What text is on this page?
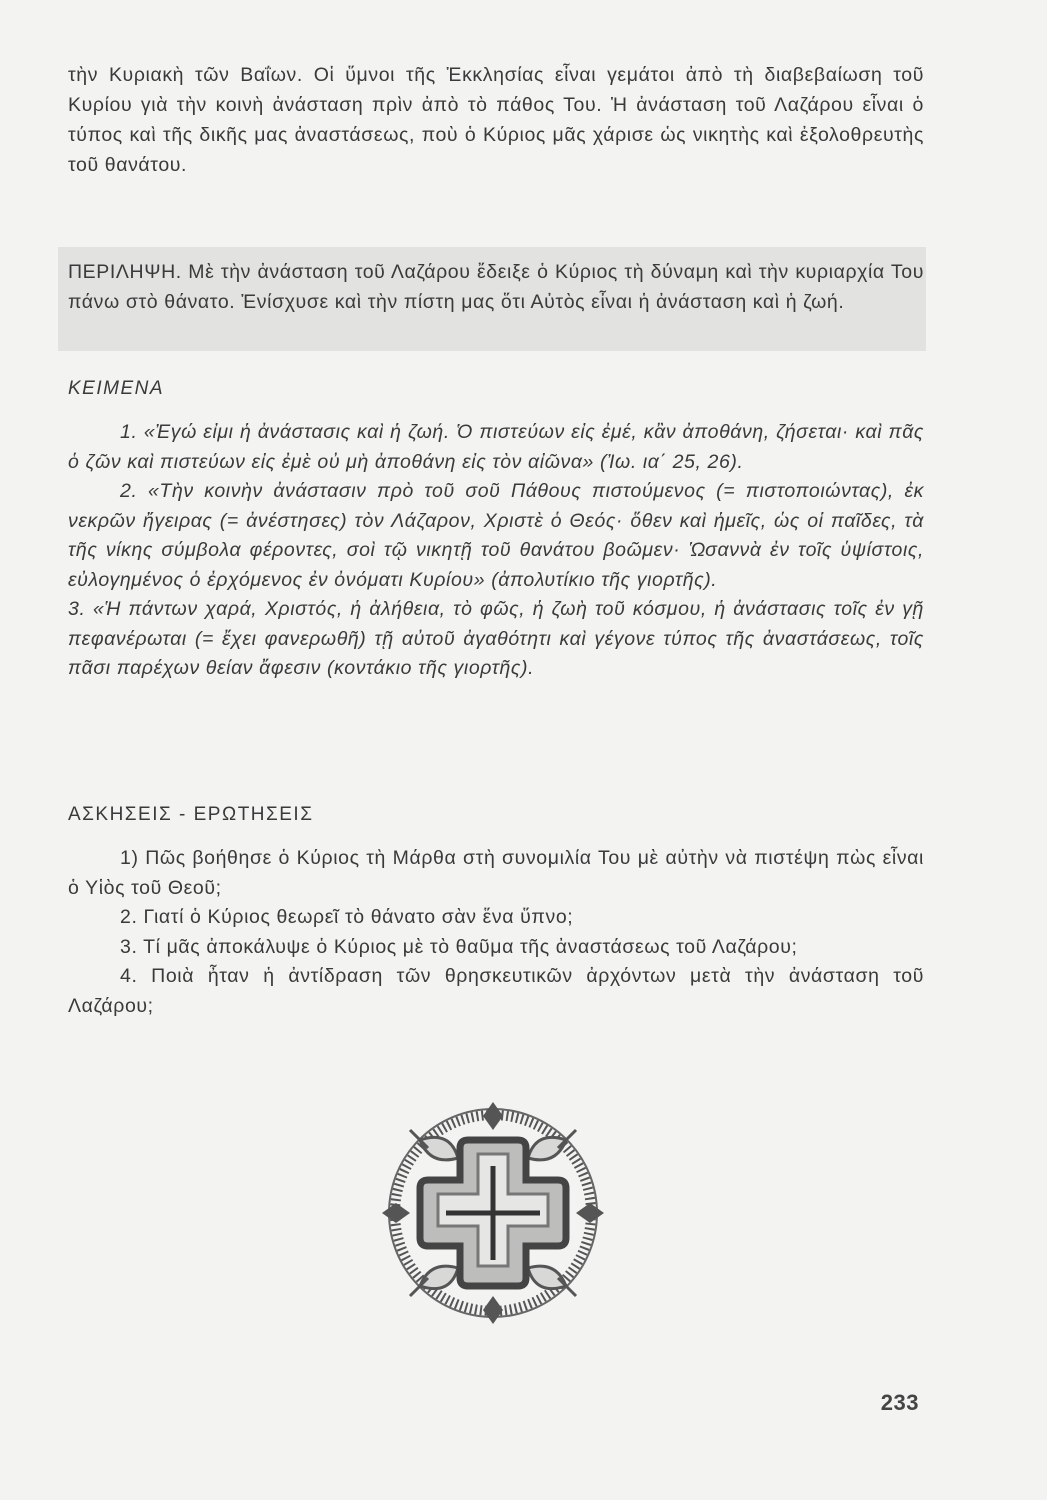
τὴν Κυριακὴ τῶν Βαΐων. Οἱ ὕμνοι τῆς Ἐκκλησίας εἶναι γεμάτοι ἀπὸ τὴ διαβεβαίωση τοῦ Κυρίου γιὰ τὴν κοινὴ ἀνάσταση πρὶν ἀπὸ τὸ πάθος Του. Ἡ ἀνάσταση τοῦ Λαζάρου εἶναι ὁ τύπος καὶ τῆς δικῆς μας ἀναστάσεως, ποὺ ὁ Κύριος μᾶς χάρισε ὡς νικητὴς καὶ ἐξολοθρευτὴς τοῦ θανάτου.

ΠΕΡΙΛΗΨΗ. Μὲ τὴν ἀνάσταση τοῦ Λαζάρου ἔδειξε ὁ Κύριος τὴ δύναμη καὶ τὴν κυριαρχία Του πάνω στὸ θάνατο. Ἐνίσχυσε καὶ τὴν πίστη μας ὅτι Αὐτὸς εἶναι ἡ ἀνάσταση καὶ ἡ ζωή.

ΚΕΙΜΕΝΑ

1. «Ἐγώ εἰμι ἡ ἀνάστασις καὶ ἡ ζωή. Ὁ πιστεύων εἰς ἐμέ, κἂν ἀποθάνη, ζήσεται· καὶ πᾶς ὁ ζῶν καὶ πιστεύων εἰς ἐμὲ οὐ μὴ ἀποθάνη εἰς τὸν αἰῶνα» (Ἰω. ια΄ 25, 26).

2. «Τὴν κοινὴν ἀνάστασιν πρὸ τοῦ σοῦ Πάθους πιστούμενος (= πιστοποιώντας), ἐκ νεκρῶν ἤγειρας (= ἀνέστησες) τὸν Λάζαρον, Χριστὲ ὁ Θεός· ὅθεν καὶ ἡμεῖς, ὡς οἱ παῖδες, τὰ τῆς νίκης σύμβολα φέροντες, σοὶ τῷ νικητῇ τοῦ θανάτου βοῶμεν· Ὡσαννὰ ἐν τοῖς ὑψίστοις, εὐλογημένος ὁ ἐρχόμενος ἐν ὀνόματι Κυρίου» (ἀπολυτίκιο τῆς γιορτῆς).

3. «Ἡ πάντων χαρά, Χριστός, ἡ ἀλήθεια, τὸ φῶς, ἡ ζωὴ τοῦ κόσμου, ἡ ἀνάστασις τοῖς ἐν γῇ πεφανέρωται (= ἔχει φανερωθῆ) τῇ αὐτοῦ ἀγαθότητι καὶ γέγονε τύπος τῆς ἀναστάσεως, τοῖς πᾶσι παρέχων θείαν ἄφεσιν (κοντάκιο τῆς γιορτῆς).

ΑΣΚΗΣΕΙΣ - ΕΡΩΤΗΣΕΙΣ

1) Πῶς βοήθησε ὁ Κύριος τὴ Μάρθα στὴ συνομιλία Του μὲ αὐτὴν νὰ πιστέψη πὼς εἶναι ὁ Υἱὸς τοῦ Θεοῦ;

2. Γιατί ὁ Κύριος θεωρεῖ τὸ θάνατο σὰν ἕνα ὕπνο;

3. Τί μᾶς ἀποκάλυψε ὁ Κύριος μὲ τὸ θαῦμα τῆς ἀναστάσεως τοῦ Λαζάρου;

4. Ποιὰ ἦταν ἡ ἀντίδραση τῶν θρησκευτικῶν ἀρχόντων μετὰ τὴν ἀνάσταση τοῦ Λαζάρου;

233
